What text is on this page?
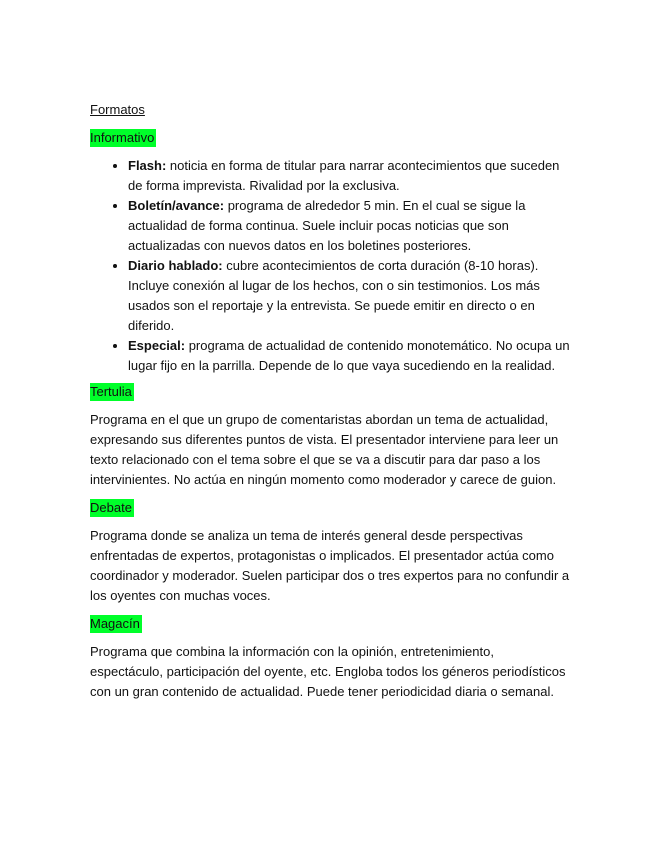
Formatos
Informativo
• Flash: noticia en forma de titular para narrar acontecimientos que suceden de forma imprevista. Rivalidad por la exclusiva.
• Boletín/avance: programa de alrededor 5 min. En el cual se sigue la actualidad de forma continua. Suele incluir pocas noticias que son actualizadas con nuevos datos en los boletines posteriores.
• Diario hablado: cubre acontecimientos de corta duración (8-10 horas). Incluye conexión al lugar de los hechos, con o sin testimonios. Los más usados son el reportaje y la entrevista. Se puede emitir en directo o en diferido.
• Especial: programa de actualidad de contenido monotemático. No ocupa un lugar fijo en la parrilla. Depende de lo que vaya sucediendo en la realidad.
Tertulia

Programa en el que un grupo de comentaristas abordan un tema de actualidad, expresando sus diferentes puntos de vista. El presentador interviene para leer un texto relacionado con el tema sobre el que se va a discutir para dar paso a los intervinientes. No actúa en ningún momento como moderador y carece de guion.

Debate

Programa donde se analiza un tema de interés general desde perspectivas enfrentadas de expertos, protagonistas o implicados. El presentador actúa como coordinador y moderador. Suelen participar dos o tres expertos para no confundir a los oyentes con muchas voces.

Magacín

Programa que combina la información con la opinión, entretenimiento, espectáculo, participación del oyente, etc. Engloba todos los géneros periodísticos con un gran contenido de actualidad. Puede tener periodicidad diaria o semanal.
